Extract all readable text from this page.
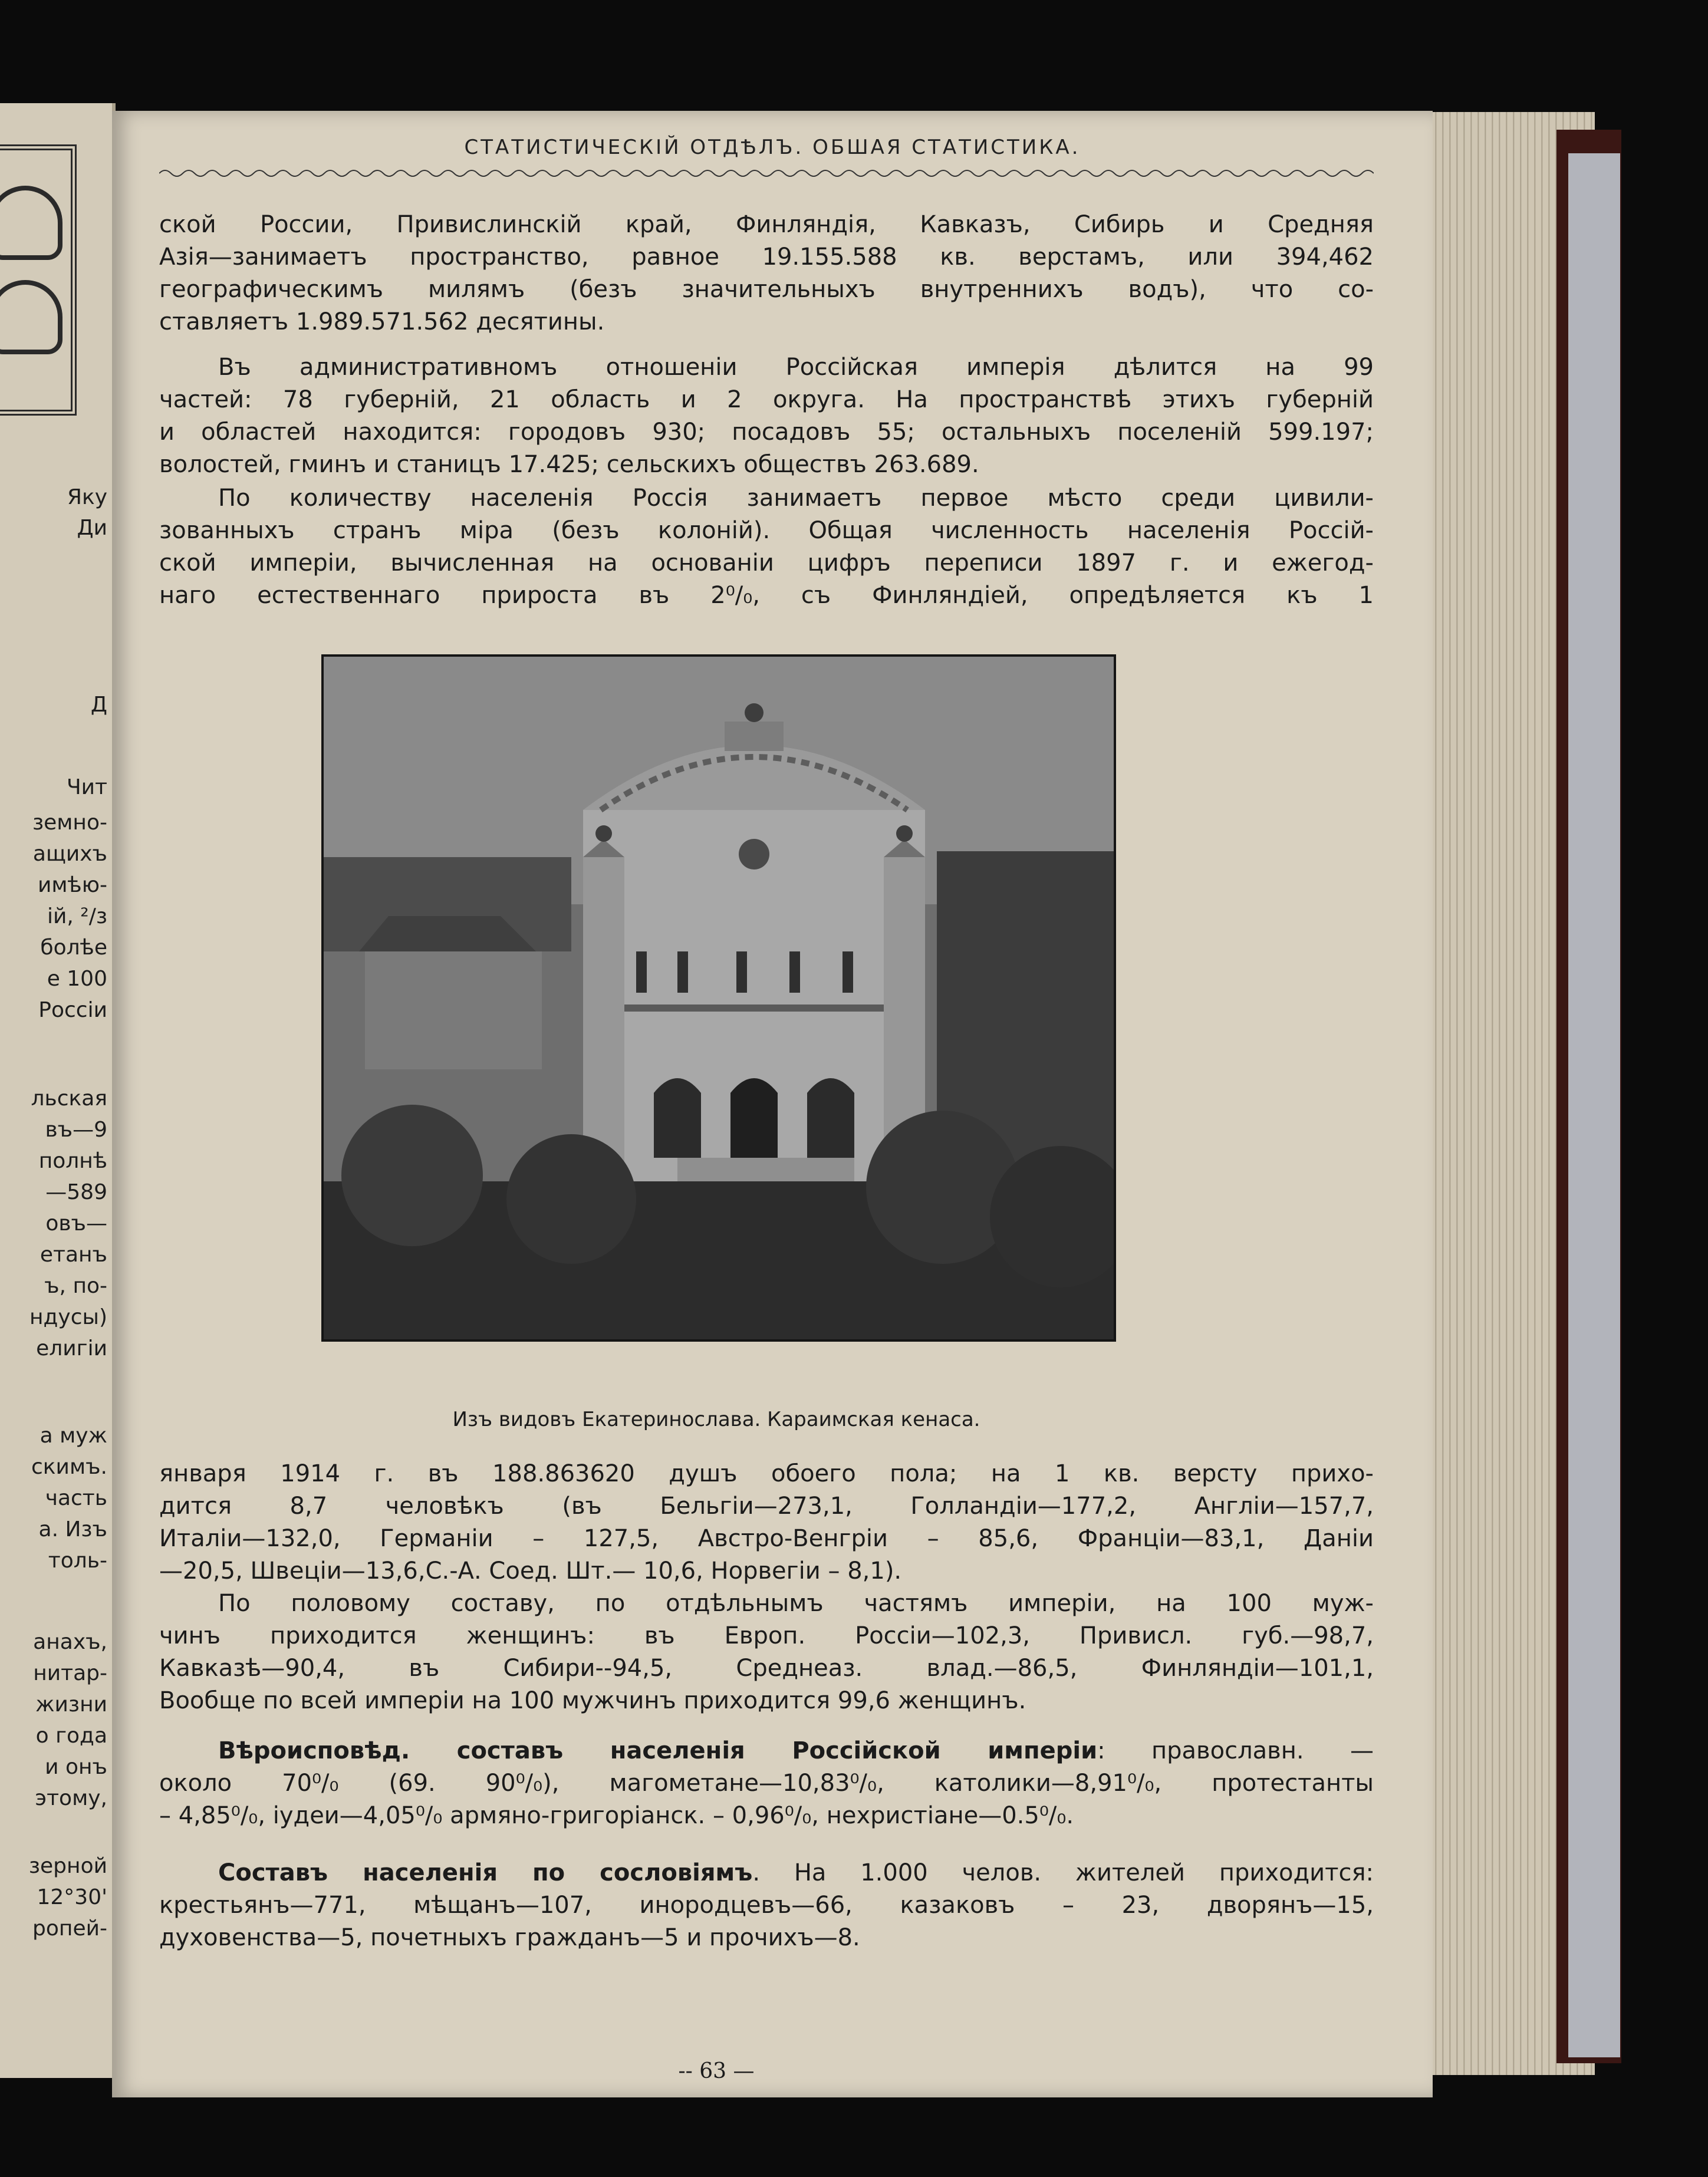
Яку

Ди

Д

Чит

земно-

ащихъ

имѣю-

ій, ²/з

болѣе

е 100

Россіи

льская

въ—9

полнѣ

—589

овъ—

етанъ

ъ, по-

ндусы)

елигіи

а муж

скимъ.

часть

а. Изъ

толь-

анахъ,

нитар-

жизни

о года

и онъ

этому,

зерной

12°30'

ропей-

СТАТИСТИЧЕСКІЙ ОТДѢЛЪ. ОБШАЯ СТАТИСТИКА.

ской России, Привислинскій край, Финляндія, Кавказъ, Сибирь и Средняя

Азія—занимаетъ пространство, равное 19.155.588 кв. верстамъ, или 394,462

географическимъ милямъ (безъ значительныхъ внутреннихъ водъ), что со-

ставляетъ 1.989.571.562 десятины.

Въ административномъ отношеніи Россійская имперія дѣлится на 99

частей: 78 губерній, 21 область и 2 округа. На пространствѣ этихъ губерній

и областей находится: городовъ 930; посадовъ 55; остальныхъ поселеній 599.197;

волостей, гминъ и станицъ 17.425; сельскихъ обществъ 263.689.

По количеству населенія Россія занимаетъ первое мѣсто среди цивили-

зованныхъ странъ міра (безъ колоній). Общая численность населенія Россій-

ской имперіи, вычисленная на основаніи цифръ переписи 1897 г. и ежегод-

наго естественнаго прироста въ 2⁰/₀, съ Финляндіей, опредѣляется къ 1

Изъ видовъ Екатеринослава. Караимская кенаса.

января 1914 г. въ 188.863620 душъ обоего пола; на 1 кв. версту прихо-

дится 8,7 человѣкъ (въ Бельгіи—273,1, Голландіи—177,2, Англіи—157,7,

Италіи—132,0, Германіи – 127,5, Австро-Венгріи – 85,6, Франціи—83,1, Даніи

—20,5, Швеціи—13,6,С.-А. Соед. Шт.— 10,6, Норвегіи – 8,1).

По половому составу, по отдѣльнымъ частямъ имперіи, на 100 муж-

чинъ приходится женщинъ: въ Европ. Россіи—102,3, Привисл. губ.—98,7,

Кавказѣ—90,4, въ Сибири--94,5, Среднеаз. влад.—86,5, Финляндіи—101,1,

Вообще по всей имперіи на 100 мужчинъ приходится 99,6 женщинъ.

Вѣроисповѣд. составъ населенія Россійской имперіи: православн. —

около 70⁰/₀ (69. 90⁰/₀), магометане—10,83⁰/₀, католики—8,91⁰/₀, протестанты

– 4,85⁰/₀, іудеи—4,05⁰/₀ армяно-григоріанск. – 0,96⁰/₀, нехристіане—0.5⁰/₀.

Составъ населенія по сословіямъ. На 1.000 челов. жителей приходится:

крестьянъ—771, мѣщанъ—107, инородцевъ—66, казаковъ – 23, дворянъ—15,

духовенства—5, почетныхъ гражданъ—5 и прочихъ—8.

-- 63 —
